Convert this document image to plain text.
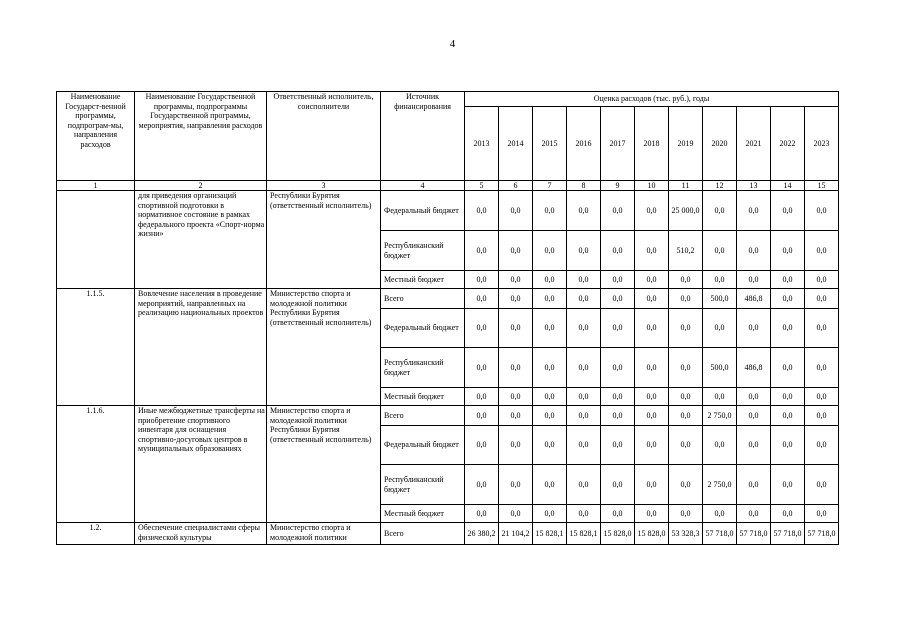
4
Наименование Государст-венной программы, подпрограм-мы, направления расходов	Наименование Государственной программы, подпрограммы Государственной программы, мероприятия, направления расходов	Ответственный исполнитель, соисполнители	Источник финансирования	Оценка расходов (тыс. руб.), годы										
				2013	2014	2015	2016	2017	2018	2019	2020	2021	2022	2023
1	2	3	4	5	6	7	8	9	10	11	12	13	14	15
	для приведения организаций спортивной подготовки в нормативное состояние в рамках федерального проекта «Спорт-норма жизни»	Республики Бурятия (ответственный исполнитель)	Федеральный бюджет	0,0	0,0	0,0	0,0	0,0	0,0	25 000,0	0,0	0,0	0,0	0,0
			Республиканский бюджет	0,0	0,0	0,0	0,0	0,0	0,0	510,2	0,0	0,0	0,0	0,0
			Местный бюджет	0,0	0,0	0,0	0,0	0,0	0,0	0,0	0,0	0,0	0,0	0,0
1.1.5.	Вовлечение населения в проведение мероприятий, направленных на реализацию национальных проектов	Министерство спорта и молодежной политики Республики Бурятия (ответственный исполнитель)	Всего	0,0	0,0	0,0	0,0	0,0	0,0	0,0	500,0	486,8	0,0	0,0
			Федеральный бюджет	0,0	0,0	0,0	0,0	0,0	0,0	0,0	0,0	0,0	0,0	0,0
			Республиканский бюджет	0,0	0,0	0,0	0,0	0,0	0,0	0,0	500,0	486,8	0,0	0,0
			Местный бюджет	0,0	0,0	0,0	0,0	0,0	0,0	0,0	0,0	0,0	0,0	0,0
1.1.6.	Иные межбюджетные трансферты на приобретение спортивного инвентаря для оснащения спортивно-досуговых центров в муниципальных образованиях	Министерство спорта и молодежной политики Республики Бурятия (ответственный исполнитель)	Всего	0,0	0,0	0,0	0,0	0,0	0,0	0,0	2 750,0	0,0	0,0	0,0
			Федеральный бюджет	0,0	0,0	0,0	0,0	0,0	0,0	0,0	0,0	0,0	0,0	0,0
			Республиканский бюджет	0,0	0,0	0,0	0,0	0,0	0,0	0,0	2 750,0	0,0	0,0	0,0
			Местный бюджет	0,0	0,0	0,0	0,0	0,0	0,0	0,0	0,0	0,0	0,0	0,0
1.2.	Обеспечение специалистами сферы физической культуры	Министерство спорта и молодежной политики	Всего	26 380,2	21 104,2	15 828,1	15 828,1	15 828,0	15 828,0	53 328,3	57 718,0	57 718,0	57 718,0	57 718,0
